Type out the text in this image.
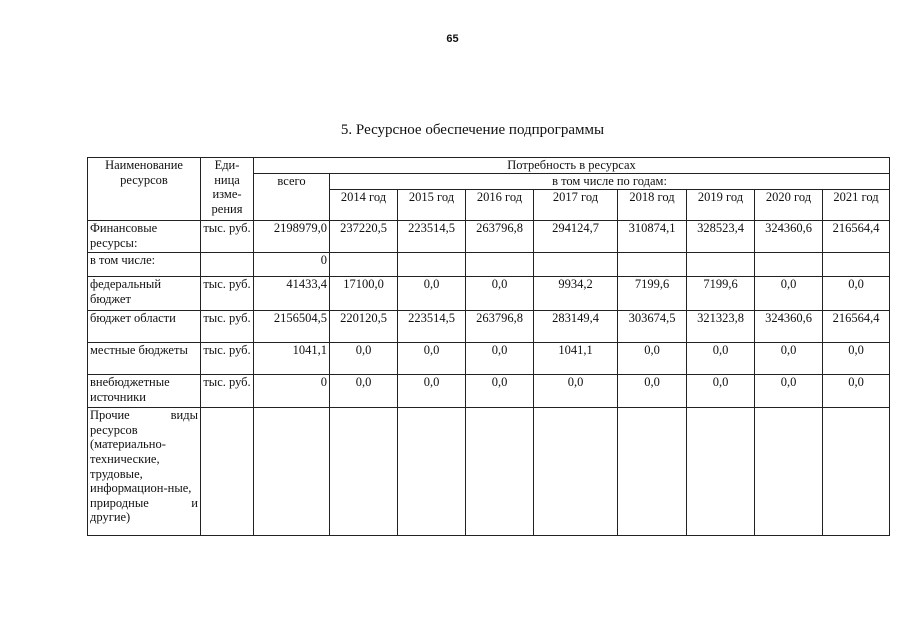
65
5. Ресурсное обеспечение подпрограммы
Наименование ресурсов	Еди- ница изме- рения	Потребность в ресурсах								
		всего	в том числе по годам:							
			2014 год	2015 год	2016 год	2017 год	2018 год	2019 год	2020 год	2021 год
Финансовые ресурсы:	тыс. руб.	2198979,0	237220,5	223514,5	263796,8	294124,7	310874,1	328523,4	324360,6	216564,4
в том числе:		0								
федеральный бюджет	тыс. руб.	41433,4	17100,0	0,0	0,0	9934,2	7199,6	7199,6	0,0	0,0
бюджет области	тыс. руб.	2156504,5	220120,5	223514,5	263796,8	283149,4	303674,5	321323,8	324360,6	216564,4
местные бюджеты	тыс. руб.	1041,1	0,0	0,0	0,0	1041,1	0,0	0,0	0,0	0,0
внебюджетные источники	тыс. руб.	0	0,0	0,0	0,0	0,0	0,0	0,0	0,0	0,0
Прочие виды ресурсов (материально-технические, трудовые, информацион-ные, природные и другие)										
